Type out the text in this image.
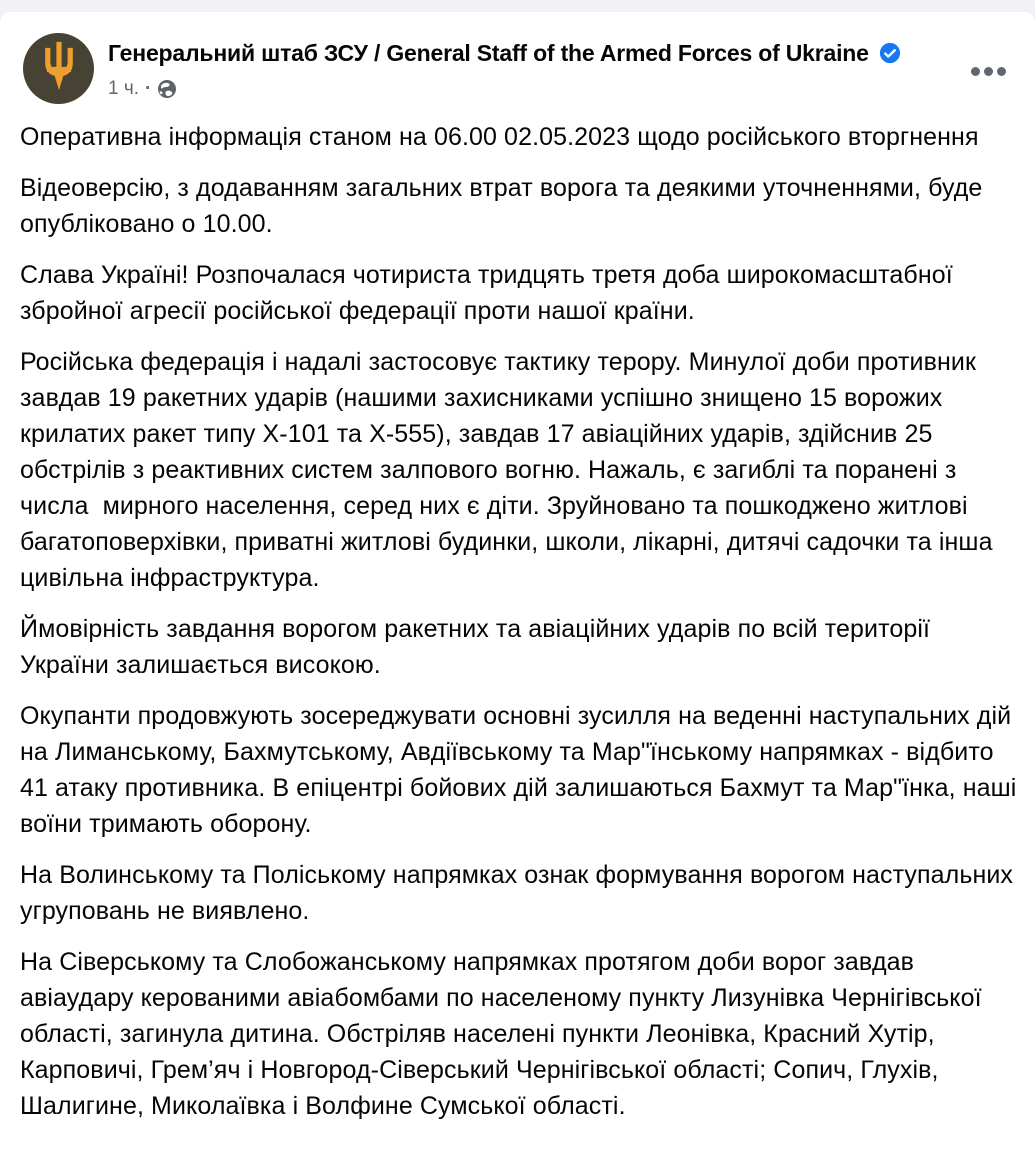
Генеральний штаб ЗСУ / General Staff of the Armed Forces of Ukraine
1 ч. ·

Оперативна інформація станом на 06.00 02.05.2023 щодо російського вторгнення

Відеоверсію, з додаванням загальних втрат ворога та деякими уточненнями, буде опубліковано о 10.00.

Слава Україні! Розпочалася чотириста тридцять третя доба широкомасштабної збройної агресії російської федерації проти нашої країни.

Російська федерація і надалі застосовує тактику терору. Минулої доби противник завдав 19 ракетних ударів (нашими захисниками успішно знищено 15 ворожих крилатих ракет типу Х-101 та Х-555), завдав 17 авіаційних ударів, здійснив 25 обстрілів з реактивних систем залпового вогню. Нажаль, є загиблі та поранені з числа  мирного населення, серед них є діти. Зруйновано та пошкоджено житлові багатоповерхівки, приватні житлові будинки, школи, лікарні, дитячі садочки та інша цивільна інфраструктура.

Ймовірність завдання ворогом ракетних та авіаційних ударів по всій території України залишається високою.

Окупанти продовжують зосереджувати основні зусилля на веденні наступальних дій на Лиманському, Бахмутському, Авдіївському та Мар"їнському напрямках - відбито 41 атаку противника. В епіцентрі бойових дій залишаються Бахмут та Мар"їнка, наші воїни тримають оборону.

На Волинському та Поліському напрямках ознак формування ворогом наступальних угруповань не виявлено.

На Сіверському та Слобожанському напрямках протягом доби ворог завдав авіаудару керованими авіабомбами по населеному пункту Лизунівка Чернігівської області, загинула дитина. Обстріляв населені пункти Леонівка, Красний Хутір, Карповичі, Грем’яч і Новгород-Сіверський Чернігівської області; Сопич, Глухів, Шалигине, Миколаївка і Волфине Сумської області.
